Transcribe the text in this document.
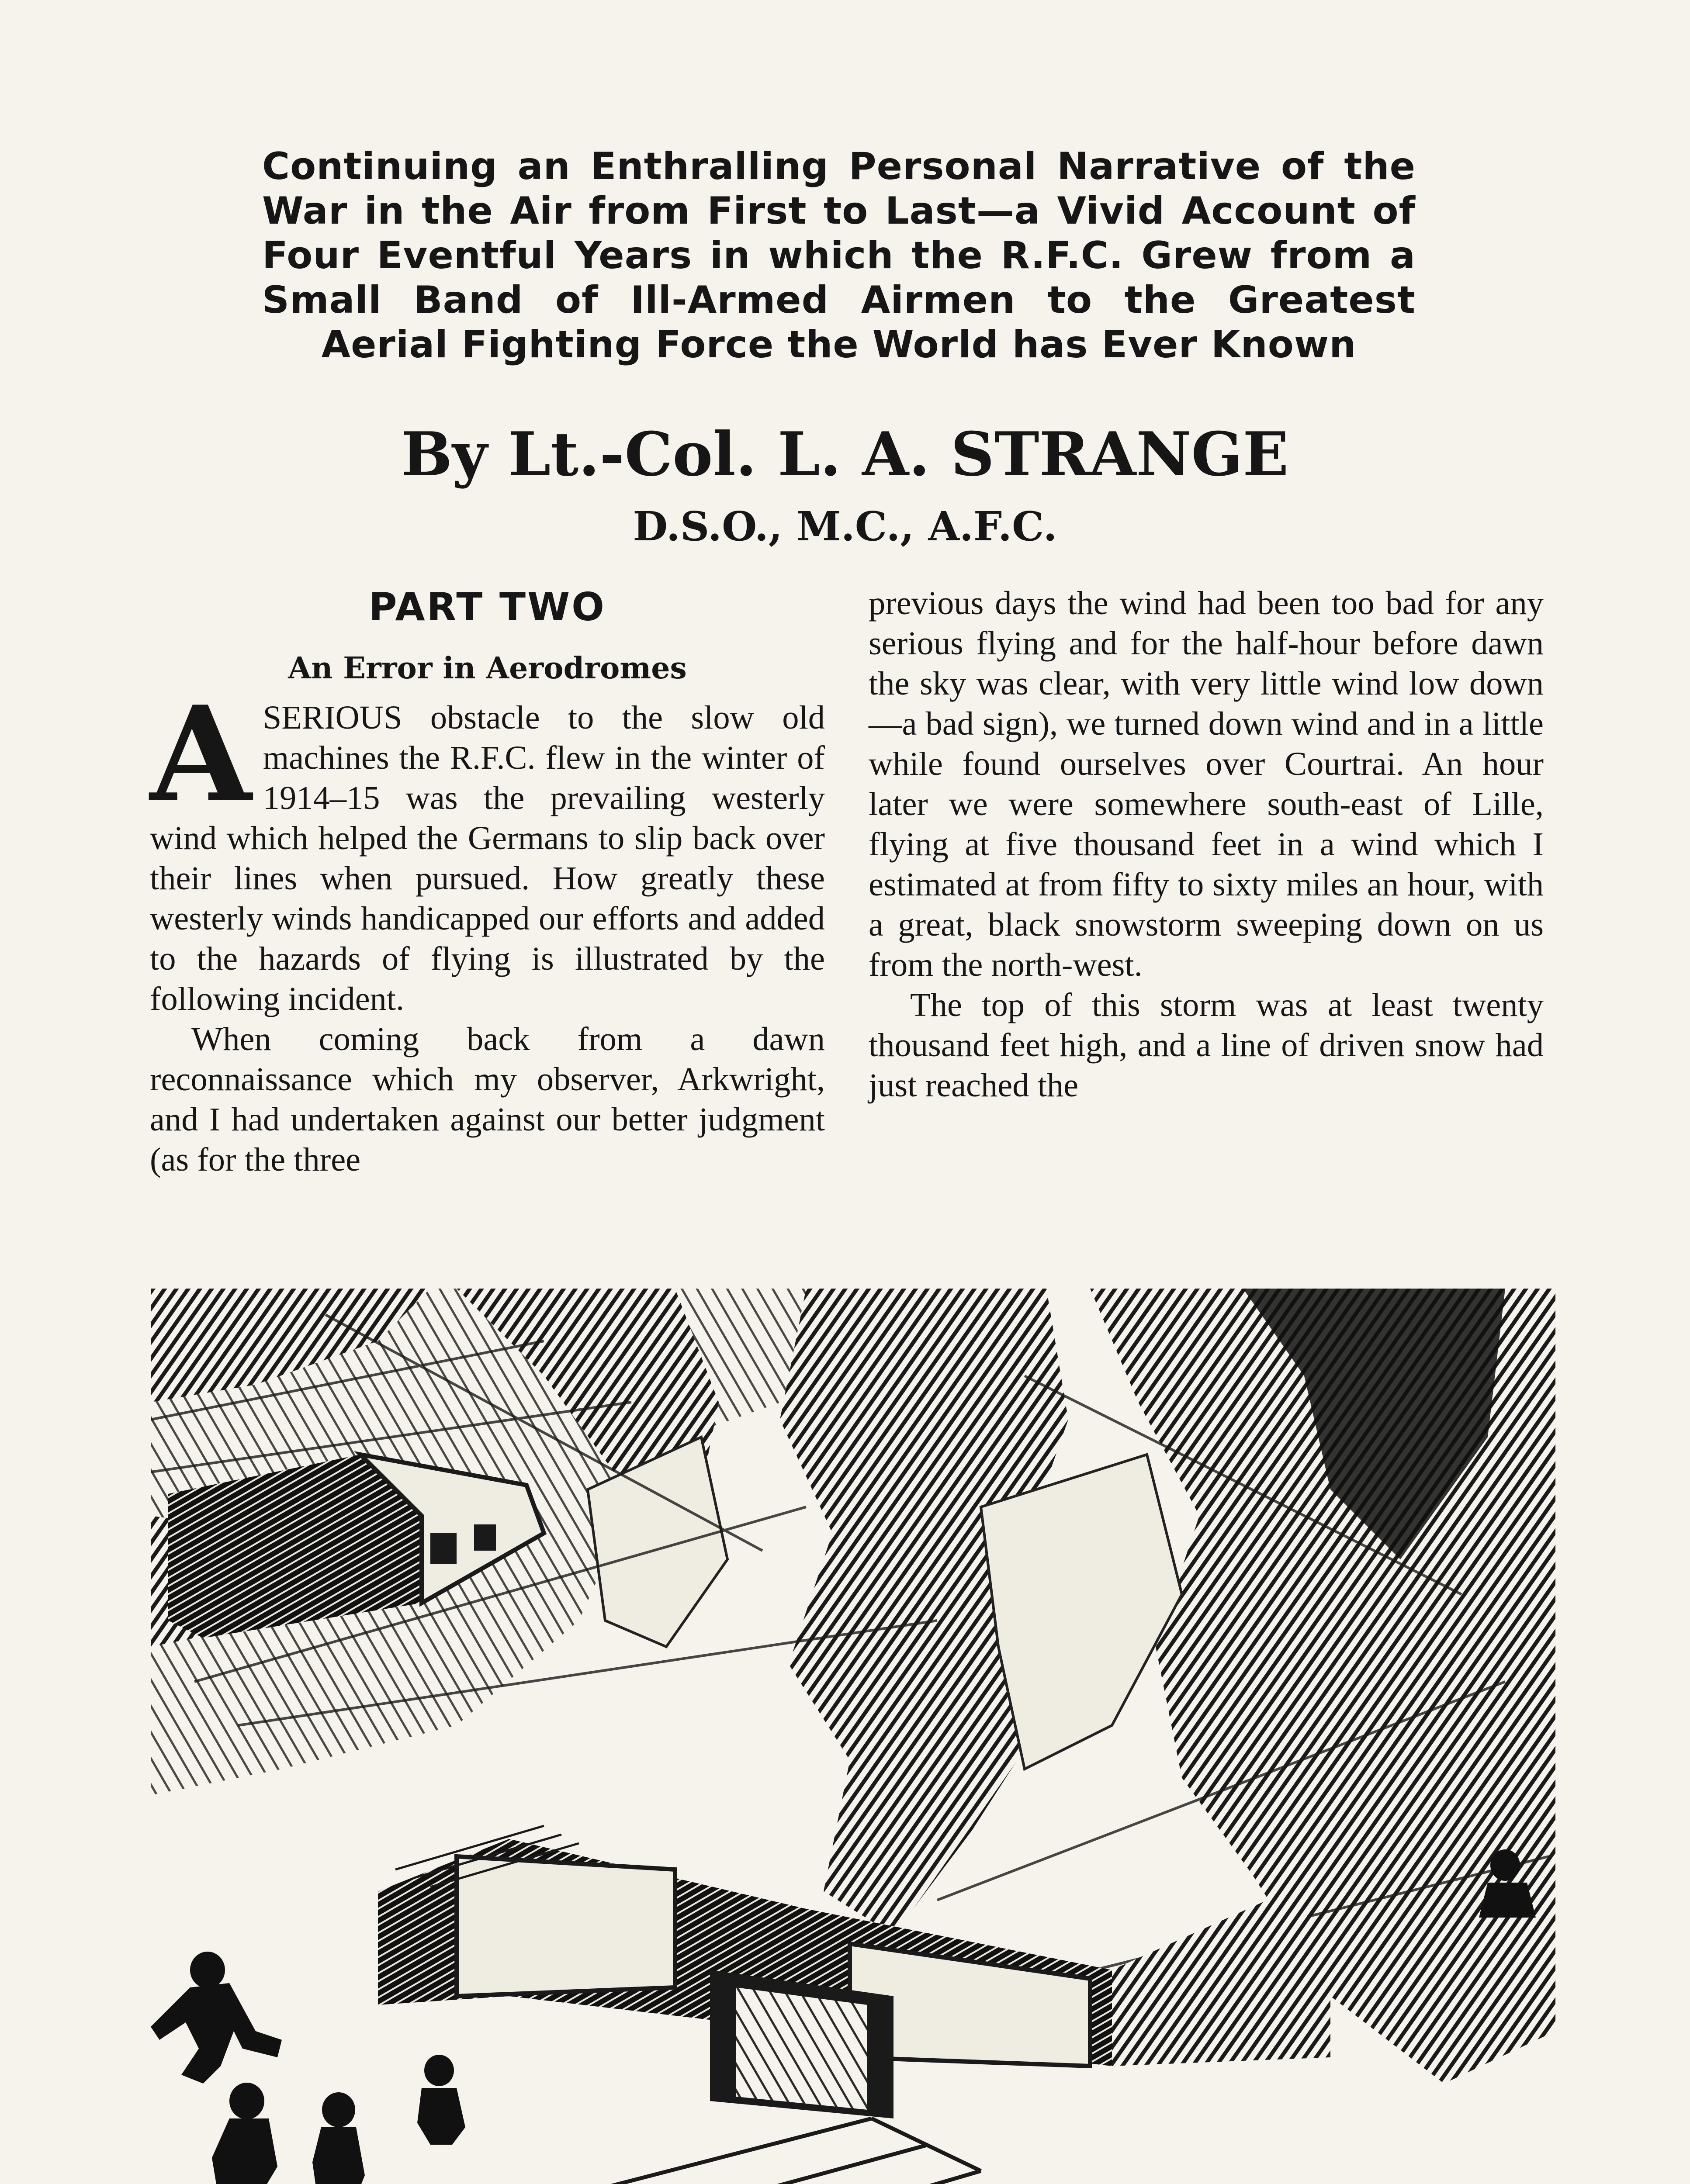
Continuing an Enthralling Personal Narrative of the War in the Air from First to Last—a Vivid Account of Four Eventful Years in which the R.F.C. Grew from a Small Band of Ill-Armed Airmen to the Greatest Aerial Fighting Force the World has Ever Known
By Lt.-Col. L. A. STRANGE
D.S.O., M.C., A.F.C.
PART TWO
An Error in Aerodromes

ASERIOUS obstacle to the slow old machines the R.F.C. flew in the winter of 1914–15 was the prevailing westerly wind which helped the Germans to slip back over their lines when pursued. How greatly these westerly winds handicapped our efforts and added to the hazards of flying is illustrated by the following incident.

When coming back from a dawn reconnaissance which my observer, Arkwright, and I had undertaken against our better judgment (as for the three

previous days the wind had been too bad for any serious flying and for the half-hour before dawn the sky was clear, with very little wind low down—a bad sign), we turned down wind and in a little while found ourselves over Courtrai. An hour later we were somewhere south-east of Lille, flying at five thousand feet in a wind which I estimated at from fifty to sixty miles an hour, with a great, black snowstorm sweeping down on us from the north-west.

The top of this storm was at least twenty thousand feet high, and a line of driven snow had just reached the
